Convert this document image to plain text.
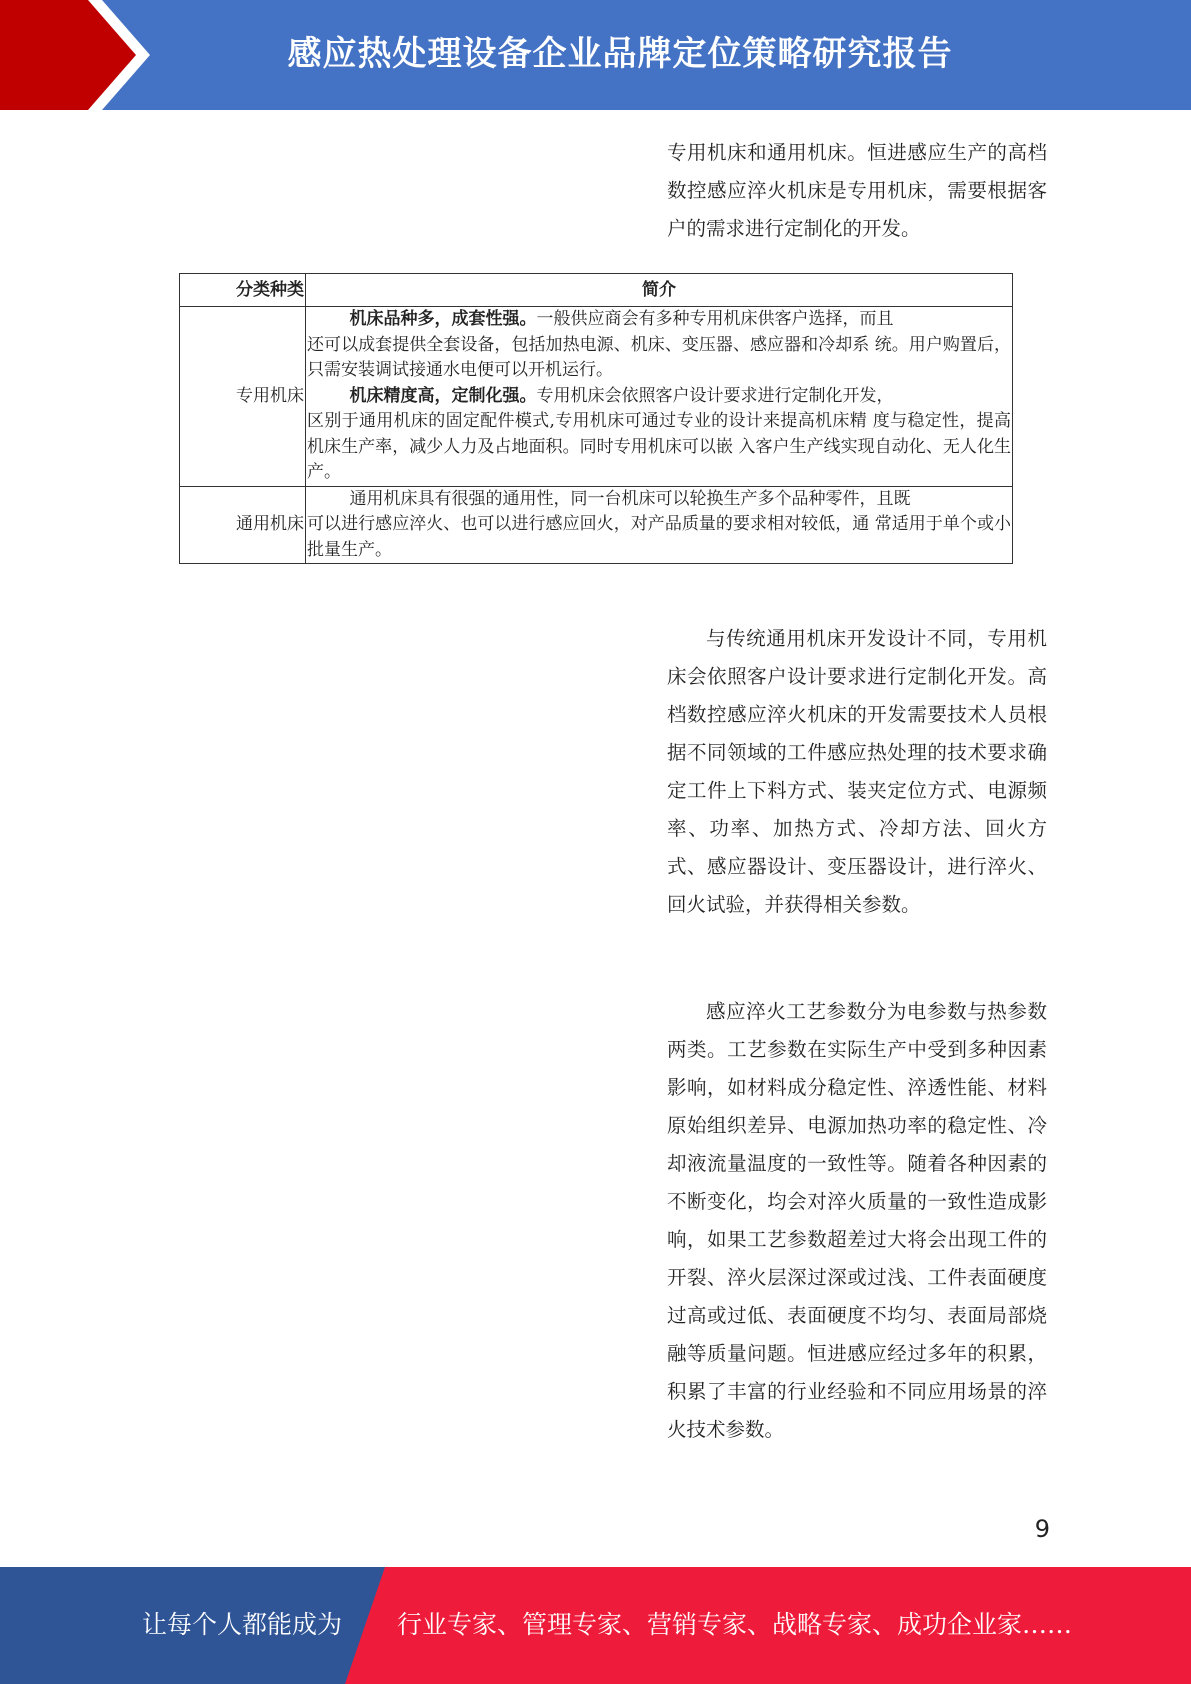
感应热处理设备企业品牌定位策略研究报告

专用机床和通用机床。恒进感应生产的高档数控感应淬火机床是专用机床，需要根据客户的需求进行定制化的开发。

分类种类	简介
专用机床	机床品种多，成套性强。一般供应商会有多种专用机床供客户选择，而且

还可以成套提供全套设备，包括加热电源、机床、变压器、感应器和冷却系 统。用户购置后，只需安装调试接通水电便可以开机运行。

机床精度高，定制化强。专用机床会依照客户设计要求进行定制化开发，

区别于通用机床的固定配件模式,专用机床可通过专业的设计来提高机床精 度与稳定性，提高机床生产率，减少人力及占地面积。同时专用机床可以嵌 入客户生产线实现自动化、无人化生产。

通用机床	通用机床具有很强的通用性，同一台机床可以轮换生产多个品种零件，且既

可以进行感应淬火、也可以进行感应回火，对产品质量的要求相对较低，通 常适用于单个或小批量生产。

与传统通用机床开发设计不同，专用机床会依照客户设计要求进行定制化开发。高档数控感应淬火机床的开发需要技术人员根据不同领域的工件感应热处理的技术要求确定工件上下料方式、装夹定位方式、电源频率、功率、加热方式、冷却方法、回火方式、感应器设计、变压器设计，进行淬火、回火试验，并获得相关参数。

感应淬火工艺参数分为电参数与热参数两类。工艺参数在实际生产中受到多种因素影响，如材料成分稳定性、淬透性能、材料原始组织差异、电源加热功率的稳定性、冷却液流量温度的一致性等。随着各种因素的不断变化，均会对淬火质量的一致性造成影响，如果工艺参数超差过大将会出现工件的开裂、淬火层深过深或过浅、工件表面硬度过高或过低、表面硬度不均匀、表面局部烧融等质量问题。恒进感应经过多年的积累，积累了丰富的行业经验和不同应用场景的淬火技术参数。

9
让每个人都能成为 行业专家、管理专家、营销专家、战略专家、成功企业家……
